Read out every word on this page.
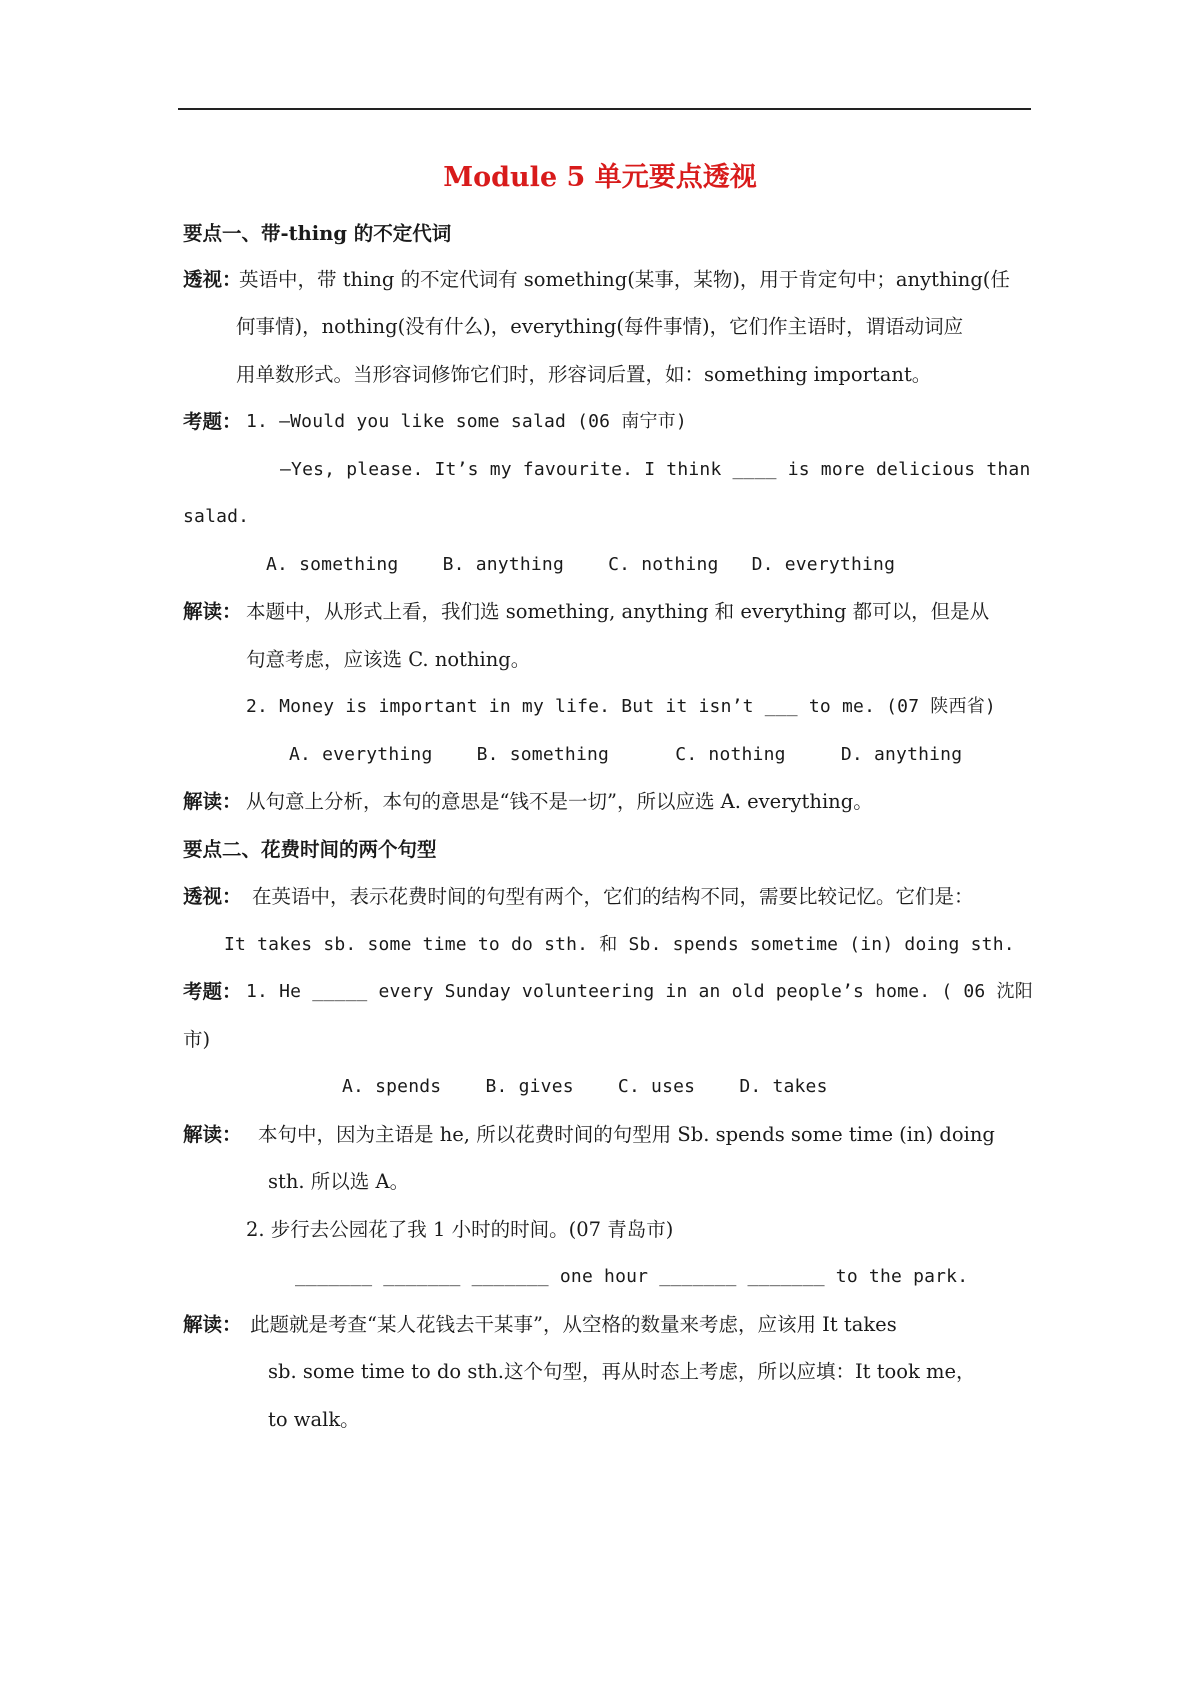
Module 5 单元要点透视
要点一、带-thing 的不定代词
透视：
英语中，带 thing 的不定代词有 something(某事，某物)，用于肯定句中；anything(任
何事情)，nothing(没有什么)，everything(每件事情)，它们作主语时，谓语动词应
用单数形式。当形容词修饰它们时，形容词后置，如：something important。
考题： 1. —Would you like some salad (06 南宁市)
—Yes, please. It’s my favourite. I think ____ is more delicious than
salad.
A. something    B. anything    C. nothing   D. everything
解读： 本题中，从形式上看，我们选 something, anything 和 everything 都可以，但是从
句意考虑，应该选 C. nothing。
2. Money is important in my life. But it isn’t ___ to me. (07 陕西省)
A. everything    B. something      C. nothing     D. anything
解读： 从句意上分析，本句的意思是“钱不是一切”，所以应选 A. everything。
要点二、花费时间的两个句型
透视： 在英语中，表示花费时间的句型有两个，它们的结构不同，需要比较记忆。它们是：
It takes sb. some time to do sth. 和 Sb. spends sometime (in) doing sth.
考题： 1. He _____ every Sunday volunteering in an old people’s home. ( 06 沈阳
市)
A. spends    B. gives    C. uses    D. takes
解读： 本句中，因为主语是 he, 所以花费时间的句型用 Sb. spends some time (in) doing
sth. 所以选 A。
2. 步行去公园花了我 1 小时的时间。(07 青岛市)
_______ _______ _______ one hour _______ _______ to the park.
解读： 此题就是考查“某人花钱去干某事”，从空格的数量来考虑，应该用 It takes
sb. some time to do sth.这个句型，再从时态上考虑，所以应填：It took me，
to walk。
